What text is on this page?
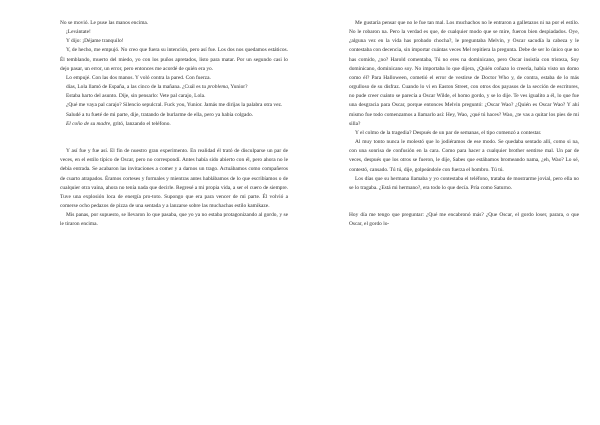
No se movió. Le puse las manos encima.

¡Levántate!

Y dijo: ¡Déjame tranquilo!

Y, de hecho, me empujó. No creo que fuera su intención, pero así fue. Los dos nos quedamos estáticos. Él temblando, muerto del miedo, yo con los puños apretados, listo para matar. Por un segundo casi lo dejo pasar, un error, un error, pero entonces me acordé de quién era yo.

Lo empujé. Con las dos manos. Y voló contra la pared. Con fuerza.

días, Lola llamó de España, a las cinco de la mañana. ¿Cuál es tu problema, Yunior?

Estaba harto del asunto. Dije, sin pensarlo: Vete pal carajo, Lola.

¿Qué me vaya pal carajo? Silencio sepulcral. Fuck you, Yunior. Jamás me dirijas la palabra otra vez.

Saludé a tu fueté de mi parte, dije, tratando de burlarme de ella, pero ya había colgado.

El coño de su madre, gritó, lanzando el teléfono.

Y así fue y fue así. El fin de nuestro gran experimento. En realidad él trató de disculparse un par de veces, en el estilo típico de Oscar, pero no correspondí. Antes había sido abierto con él, pero ahora no le debía entrada. Se acabaron las invitaciones a comer y a darnos un trago. Actuábamos como compañeros de cuarto atrapados. Éramos corteses y formales y mientras antes hablábamos de lo que escribíamos o de cualquier otra vaina, ahora no tenía nada que decirle. Regresé a mi propia vida, a ser el cuero de siempre. Tuve una explosión loca de energía pro-toto. Supongo que era para vencer de mi parte. Él volvió a comerse ocho pedazos de pizza de una sentada y a lanzarse sobre las muchachas estilo kamikaze.

Mis panas, por supuesto, se llevaron lo que pasaba, que yo ya no estaba protagonizando al gordo, y se le tiraron encima.

Me gustaría pensar que no le fue tan mal. Los muchachos no le entraron a galletazos ni na por el estilo. No le robaron na. Pero la verdad es que, de cualquier modo que se mire, fueron bien despiadados. Oye, ¿alguna vez en la vida has probado chocha?, le preguntaba Melvin, y Oscar sacudía la cabeza y le contestaba con decencia, sin importar cuántas veces Mel repitiera la pregunta. Debe de ser lo único que no has comido, ¿no? Harold comentaba, Tú no eres na dominicano, pero Oscar insistía con tristeza, Soy dominicano, dominicano soy. No importaba lo que dijera, ¿Quién coñazo lo creería, había visto un domo como él? Para Halloween, cometió el error de vestirse de Doctor Who y, de contra, estaba de lo más orgulloso de su disfraz. Cuando lo vi en Easton Street, con otros dos payasos de la sección de escritores, no pude creer cuánto se parecía a Oscar Wilde, el homo gordo, y se lo dije. Te ves igualito a él, lo que fue una desgracia para Oscar, porque entonces Melvin preguntó: ¿Oscar Wao? ¿Quién es Oscar Wao? Y ahí mismo fue todo comenzamos a llamarlo así: Hey, Wao, ¿qué tú haces? Wao, ¿te vas a quitar los pies de mi silla?

Y el colmo de la tragedia? Después de un par de semanas, el tipo comenzó a contestar.

Al muy tonto nunca le molestó que lo jodiéramos de ese modo. Se quedaba sentado allí, como si na, con una sonrisa de confusión en la cara. Como para hacer a cualquier brother sentirse mal. Un par de veces, después que los otros se fueron, le dije, Sabes que estábamos bromeando nama, ¿eh, Wao? Lo sé, contestó, cansado. Tú tú, dije, golpeándole con fuerza el hombro. Tú tú.

Los días que su hermana llamaba y yo contestaba el teléfono, trataba de mostrarme jovial, pero ella no se lo tragaba. ¿Está mi hermano?, era todo lo que decía. Pría como Saturno.

Hoy día me tengo que preguntar: ¿Qué me encabronó más? ¿Que Oscar, el gordo loser, parara, o que Oscar, el gordo lo-
